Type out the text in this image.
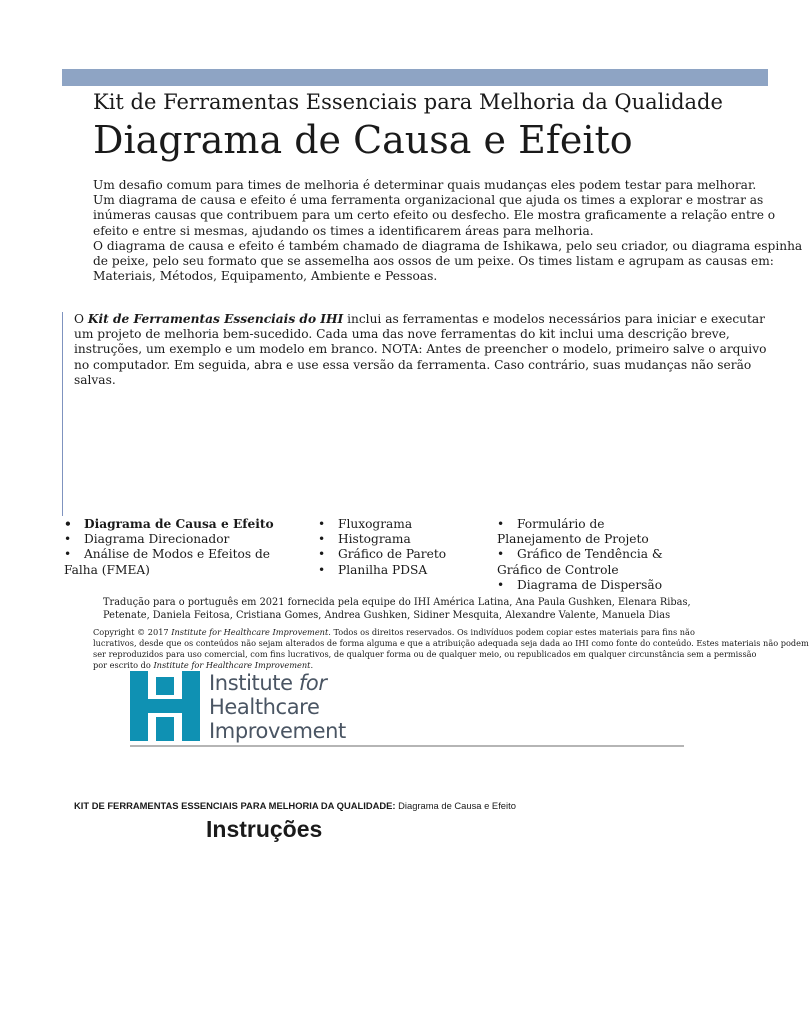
Kit de Ferramentas Essenciais para Melhoria da Qualidade
Diagrama de Causa e Efeito
Um desafio comum para times de melhoria é determinar quais mudanças eles podem testar para melhorar.
Um diagrama de causa e efeito é uma ferramenta organizacional que ajuda os times a explorar e mostrar as
inúmeras causas que contribuem para um certo efeito ou desfecho. Ele mostra graficamente a relação entre o
efeito e entre si mesmas, ajudando os times a identificarem áreas para melhoria.
O diagrama de causa e efeito é também chamado de diagrama de Ishikawa, pelo seu criador, ou diagrama espinha
de peixe, pelo seu formato que se assemelha aos ossos de um peixe. Os times listam e agrupam as causas em:
Materiais, Métodos, Equipamento, Ambiente e Pessoas.
O Kit de Ferramentas Essenciais do IHI inclui as ferramentas e modelos necessários para iniciar e executar
um projeto de melhoria bem-sucedido. Cada uma das nove ferramentas do kit inclui uma descrição breve,
instruções, um exemplo e um modelo em branco. NOTA: Antes de preencher o modelo, primeiro salve o arquivo
no computador. Em seguida, abra e use essa versão da ferramenta. Caso contrário, suas mudanças não serão
salvas.
• Diagrama de Causa e Efeito
• Diagrama Direcionador
• Análise de Modos e Efeitos de
Falha (FMEA)
• Fluxograma
• Histograma
• Gráfico de Pareto
• Planilha PDSA
• Formulário de
Planejamento de Projeto
• Gráfico de Tendência &
Gráfico de Controle
• Diagrama de Dispersão
Tradução para o português em 2021 fornecida pela equipe do IHI América Latina, Ana Paula Gushken, Elenara Ribas,
Petenate, Daniela Feitosa, Cristiana Gomes, Andrea Gushken, Sidiner Mesquita, Alexandre Valente, Manuela Dias
Copyright © 2017 Institute for Healthcare Improvement. Todos os direitos reservados. Os indivíduos podem copiar estes materiais para fins não
lucrativos, desde que os conteúdos não sejam alterados de forma alguma e que a atribuição adequada seja dada ao IHI como fonte do conteúdo. Estes materiais não podem
ser reproduzidos para uso comercial, com fins lucrativos, de qualquer forma ou de qualquer meio, ou republicados em qualquer circunstância sem a permissão
por escrito do Institute for Healthcare Improvement.
Institute for
Healthcare
Improvement
KIT DE FERRAMENTAS ESSENCIAIS PARA MELHORIA DA QUALIDADE: Diagrama de Causa e Efeito
Instruções
